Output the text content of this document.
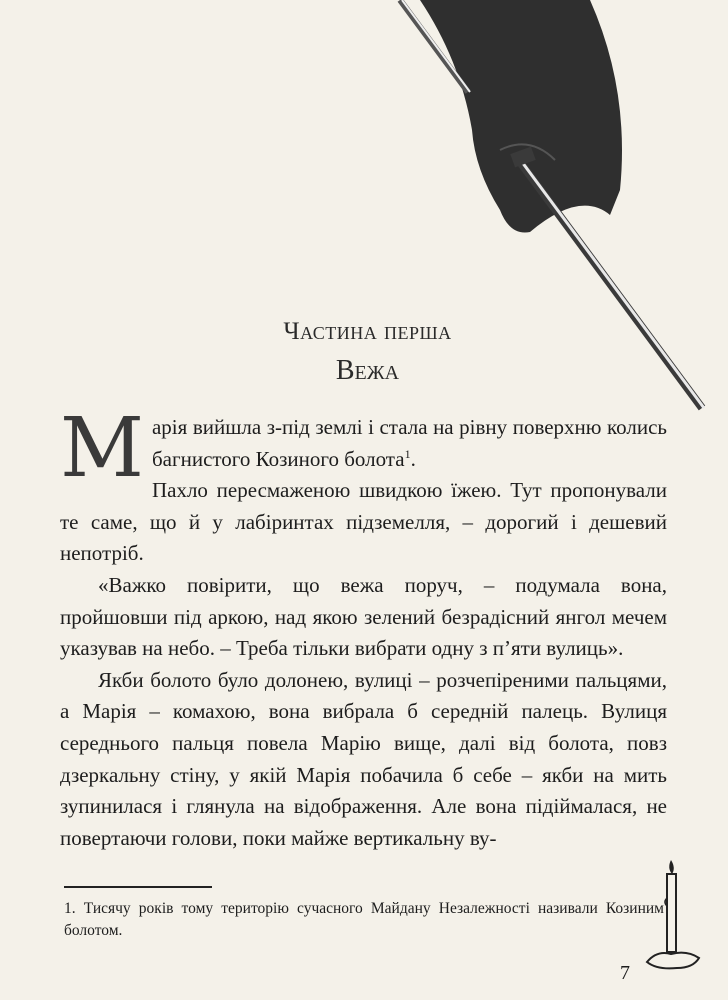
Частина перша
Вежа

Марія вийшла з-під землі і стала на рівну поверхню колись багнистого Козиного болота$^1$.

Пахло пересмаженою швидкою їжею. Тут пропонували те саме, що й у лабіринтах підземелля, – дорогий і дешевий непотріб.

«Важко повірити, що вежа поруч, – подумала вона, пройшовши під аркою, над якою зелений безрадісний янгол мечем указував на небо. – Треба тільки вибрати одну з п’яти вулиць».

Якби болото було долонею, вулиці – розчепіреними пальцями, а Марія – комахою, вона вибрала б середній палець. Вулиця середнього пальця повела Марію вище, далі від болота, повз дзеркальну стіну, у якій Марія побачила б себе – якби на мить зупинилася і глянула на відображення. Але вона підіймалася, не повертаючи голови, поки майже вертикальну ву-

1. Тисячу років тому територію сучасного Майдану Незалежності називали Козиним болотом.
7
